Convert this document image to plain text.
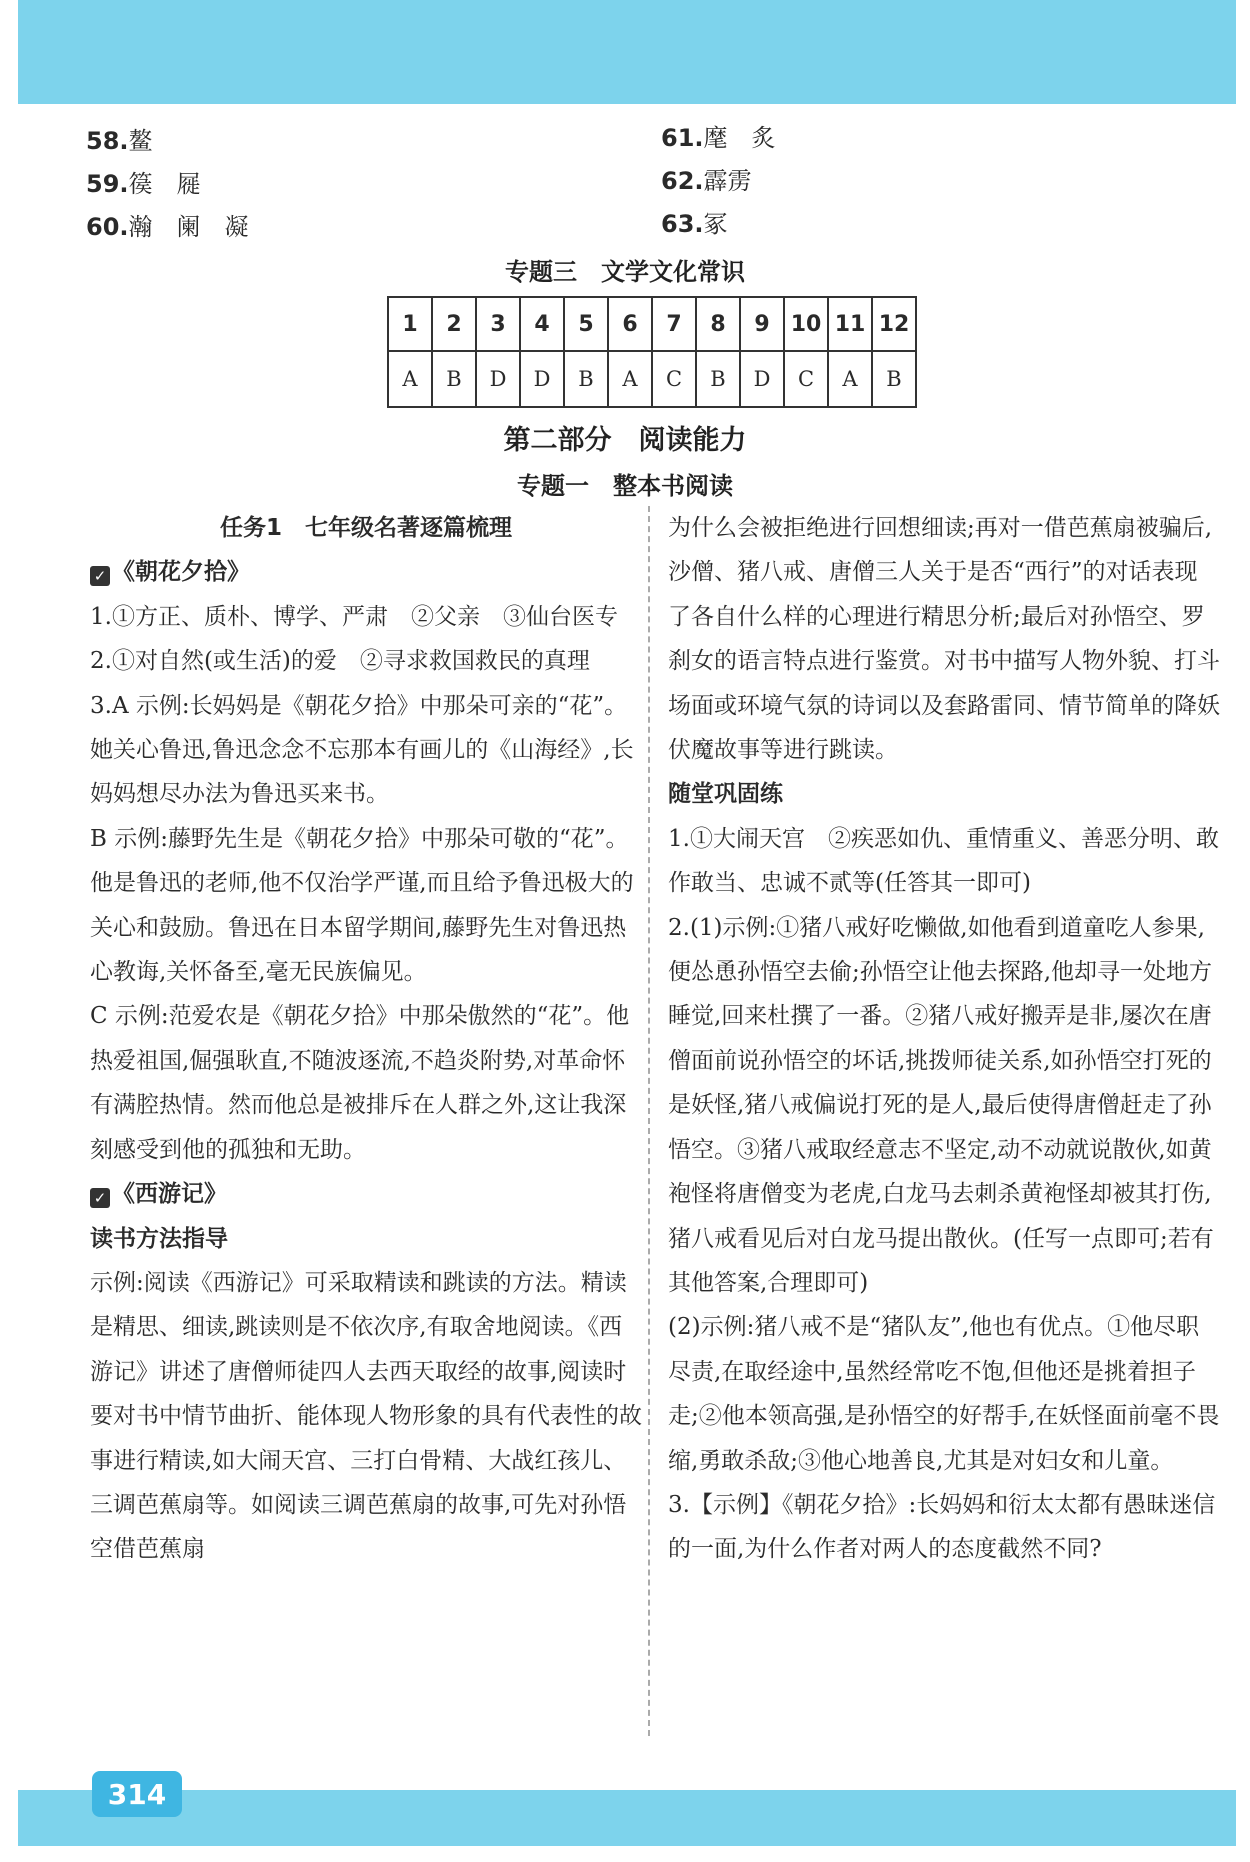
58.鳌
59.篌　屣
60.瀚　阑　凝
61.麾　炙
62.霹雳
63.冢
专题三　文学文化常识
1	2	3	4	5	6	7	8	9	10	11	12
A	B	D	D	B	A	C	B	D	C	A	B
第二部分　阅读能力
专题一　整本书阅读

任务1　七年级名著逐篇梳理

✓ 《朝花夕拾》

1.①方正、质朴、博学、严肃　②父亲　③仙台医专

2.①对自然(或生活)的爱　②寻求救国救民的真理

3.A 示例:长妈妈是《朝花夕拾》中那朵可亲的“花”。她关心鲁迅,鲁迅念念不忘那本有画儿的《山海经》,长妈妈想尽办法为鲁迅买来书。

B 示例:藤野先生是《朝花夕拾》中那朵可敬的“花”。他是鲁迅的老师,他不仅治学严谨,而且给予鲁迅极大的关心和鼓励。鲁迅在日本留学期间,藤野先生对鲁迅热心教诲,关怀备至,毫无民族偏见。

C 示例:范爱农是《朝花夕拾》中那朵傲然的“花”。他热爱祖国,倔强耿直,不随波逐流,不趋炎附势,对革命怀有满腔热情。然而他总是被排斥在人群之外,这让我深刻感受到他的孤独和无助。

✓ 《西游记》

读书方法指导

示例:阅读《西游记》可采取精读和跳读的方法。精读是精思、细读,跳读则是不依次序,有取舍地阅读。《西游记》讲述了唐僧师徒四人去西天取经的故事,阅读时要对书中情节曲折、能体现人物形象的具有代表性的故事进行精读,如大闹天宫、三打白骨精、大战红孩儿、三调芭蕉扇等。如阅读三调芭蕉扇的故事,可先对孙悟空借芭蕉扇

为什么会被拒绝进行回想细读;再对一借芭蕉扇被骗后,沙僧、猪八戒、唐僧三人关于是否“西行”的对话表现了各自什么样的心理进行精思分析;最后对孙悟空、罗刹女的语言特点进行鉴赏。对书中描写人物外貌、打斗场面或环境气氛的诗词以及套路雷同、情节简单的降妖伏魔故事等进行跳读。

随堂巩固练

1.①大闹天宫　②疾恶如仇、重情重义、善恶分明、敢作敢当、忠诚不贰等(任答其一即可)

2.(1)示例:①猪八戒好吃懒做,如他看到道童吃人参果,便怂恿孙悟空去偷;孙悟空让他去探路,他却寻一处地方睡觉,回来杜撰了一番。②猪八戒好搬弄是非,屡次在唐僧面前说孙悟空的坏话,挑拨师徒关系,如孙悟空打死的是妖怪,猪八戒偏说打死的是人,最后使得唐僧赶走了孙悟空。③猪八戒取经意志不坚定,动不动就说散伙,如黄袍怪将唐僧变为老虎,白龙马去刺杀黄袍怪却被其打伤,猪八戒看见后对白龙马提出散伙。(任写一点即可;若有其他答案,合理即可)

(2)示例:猪八戒不是“猪队友”,他也有优点。①他尽职尽责,在取经途中,虽然经常吃不饱,但他还是挑着担子走;②他本领高强,是孙悟空的好帮手,在妖怪面前毫不畏缩,勇敢杀敌;③他心地善良,尤其是对妇女和儿童。

3.【示例】《朝花夕拾》:长妈妈和衍太太都有愚昧迷信的一面,为什么作者对两人的态度截然不同?

314
